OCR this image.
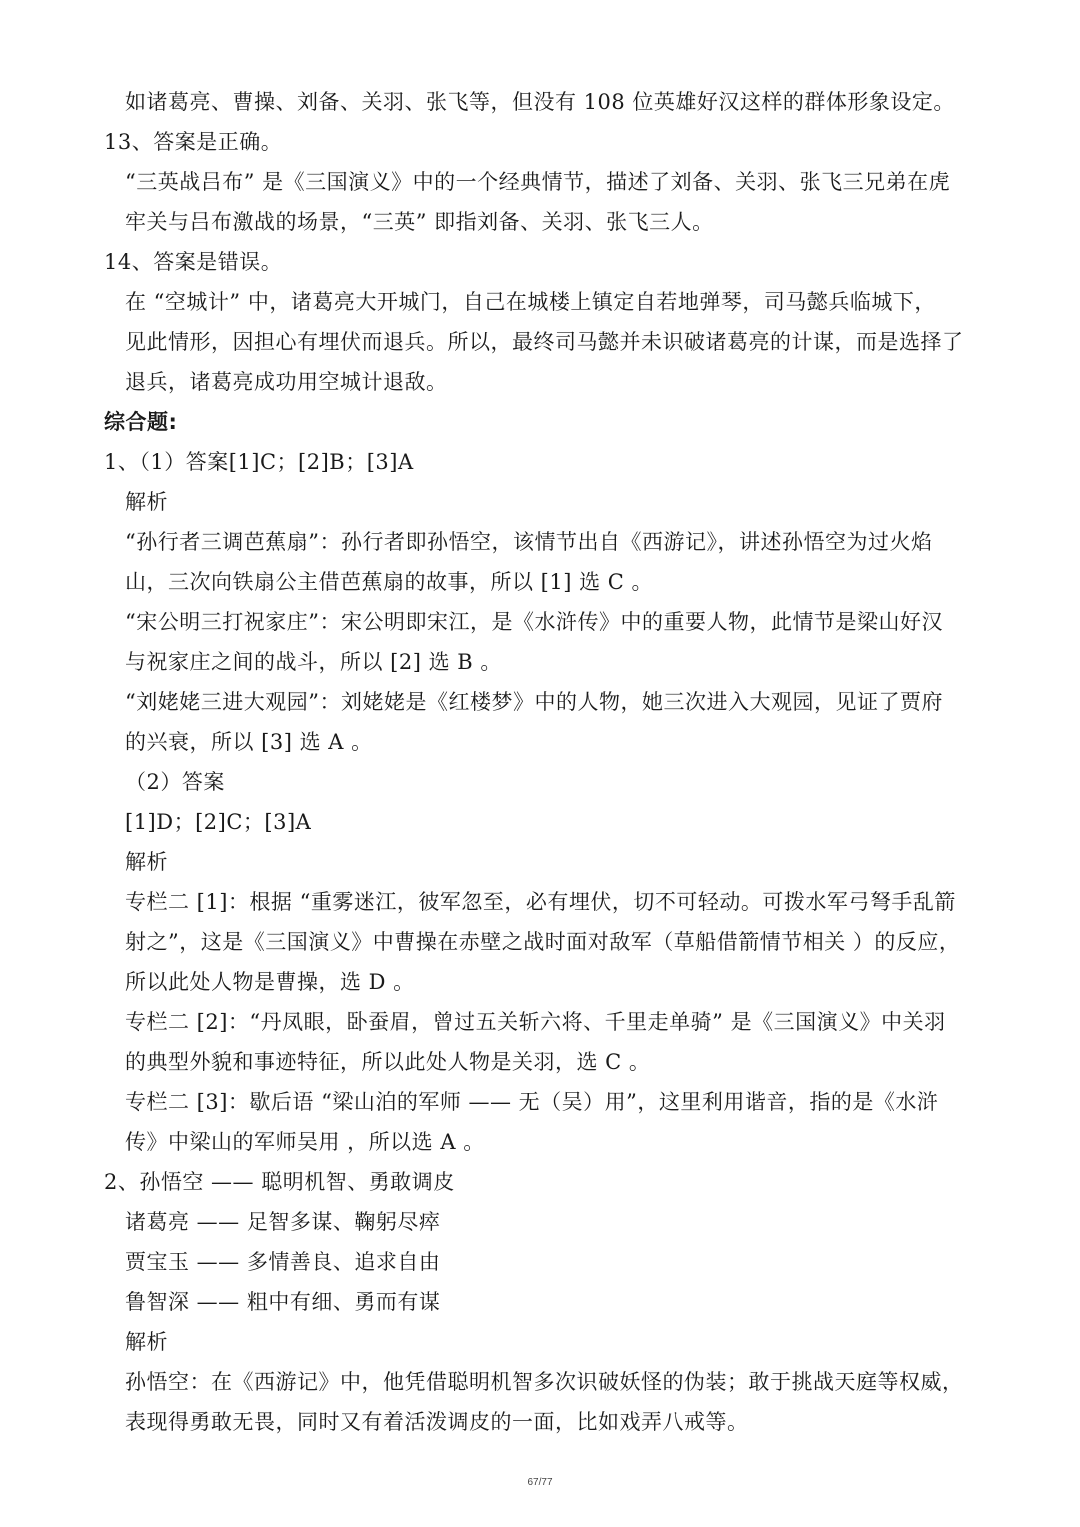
如诸葛亮、曹操、刘备、关羽、张飞等，但没有 108 位英雄好汉这样的群体形象设定。
13、答案是正确。
“三英战吕布” 是《三国演义》中的一个经典情节，描述了刘备、关羽、张飞三兄弟在虎
牢关与吕布激战的场景，“三英” 即指刘备、关羽、张飞三人。
14、答案是错误。
在 “空城计” 中，诸葛亮大开城门，自己在城楼上镇定自若地弹琴，司马懿兵临城下，
见此情形，因担心有埋伏而退兵。所以，最终司马懿并未识破诸葛亮的计谋，而是选择了
退兵，诸葛亮成功用空城计退敌。
综合题:
1、（1）答案[1]C；[2]B；[3]A
解析
“孙行者三调芭蕉扇”：孙行者即孙悟空，该情节出自《西游记》，讲述孙悟空为过火焰
山，三次向铁扇公主借芭蕉扇的故事，所以 [1] 选 C 。
“宋公明三打祝家庄”：宋公明即宋江，是《水浒传》中的重要人物，此情节是梁山好汉
与祝家庄之间的战斗，所以 [2] 选 B 。
“刘姥姥三进大观园”：刘姥姥是《红楼梦》中的人物，她三次进入大观园，见证了贾府
的兴衰，所以 [3] 选 A 。
（2）答案
[1]D；[2]C；[3]A
解析
专栏二 [1]：根据 “重雾迷江，彼军忽至，必有埋伏，切不可轻动。可拨水军弓弩手乱箭
射之”，这是《三国演义》中曹操在赤壁之战时面对敌军（草船借箭情节相关 ）的反应，
所以此处人物是曹操，选 D 。
专栏二 [2]：“丹凤眼，卧蚕眉，曾过五关斩六将、千里走单骑” 是《三国演义》中关羽
的典型外貌和事迹特征，所以此处人物是关羽，选 C 。
专栏二 [3]：歇后语 “梁山泊的军师 —— 无（吴）用”，这里利用谐音，指的是《水浒
传》中梁山的军师吴用 ，所以选 A 。
2、孙悟空 —— 聪明机智、勇敢调皮
诸葛亮 —— 足智多谋、鞠躬尽瘁
贾宝玉 —— 多情善良、追求自由
鲁智深 —— 粗中有细、勇而有谋
解析
孙悟空：在《西游记》中，他凭借聪明机智多次识破妖怪的伪装；敢于挑战天庭等权威，
表现得勇敢无畏，同时又有着活泼调皮的一面，比如戏弄八戒等。
67/77
